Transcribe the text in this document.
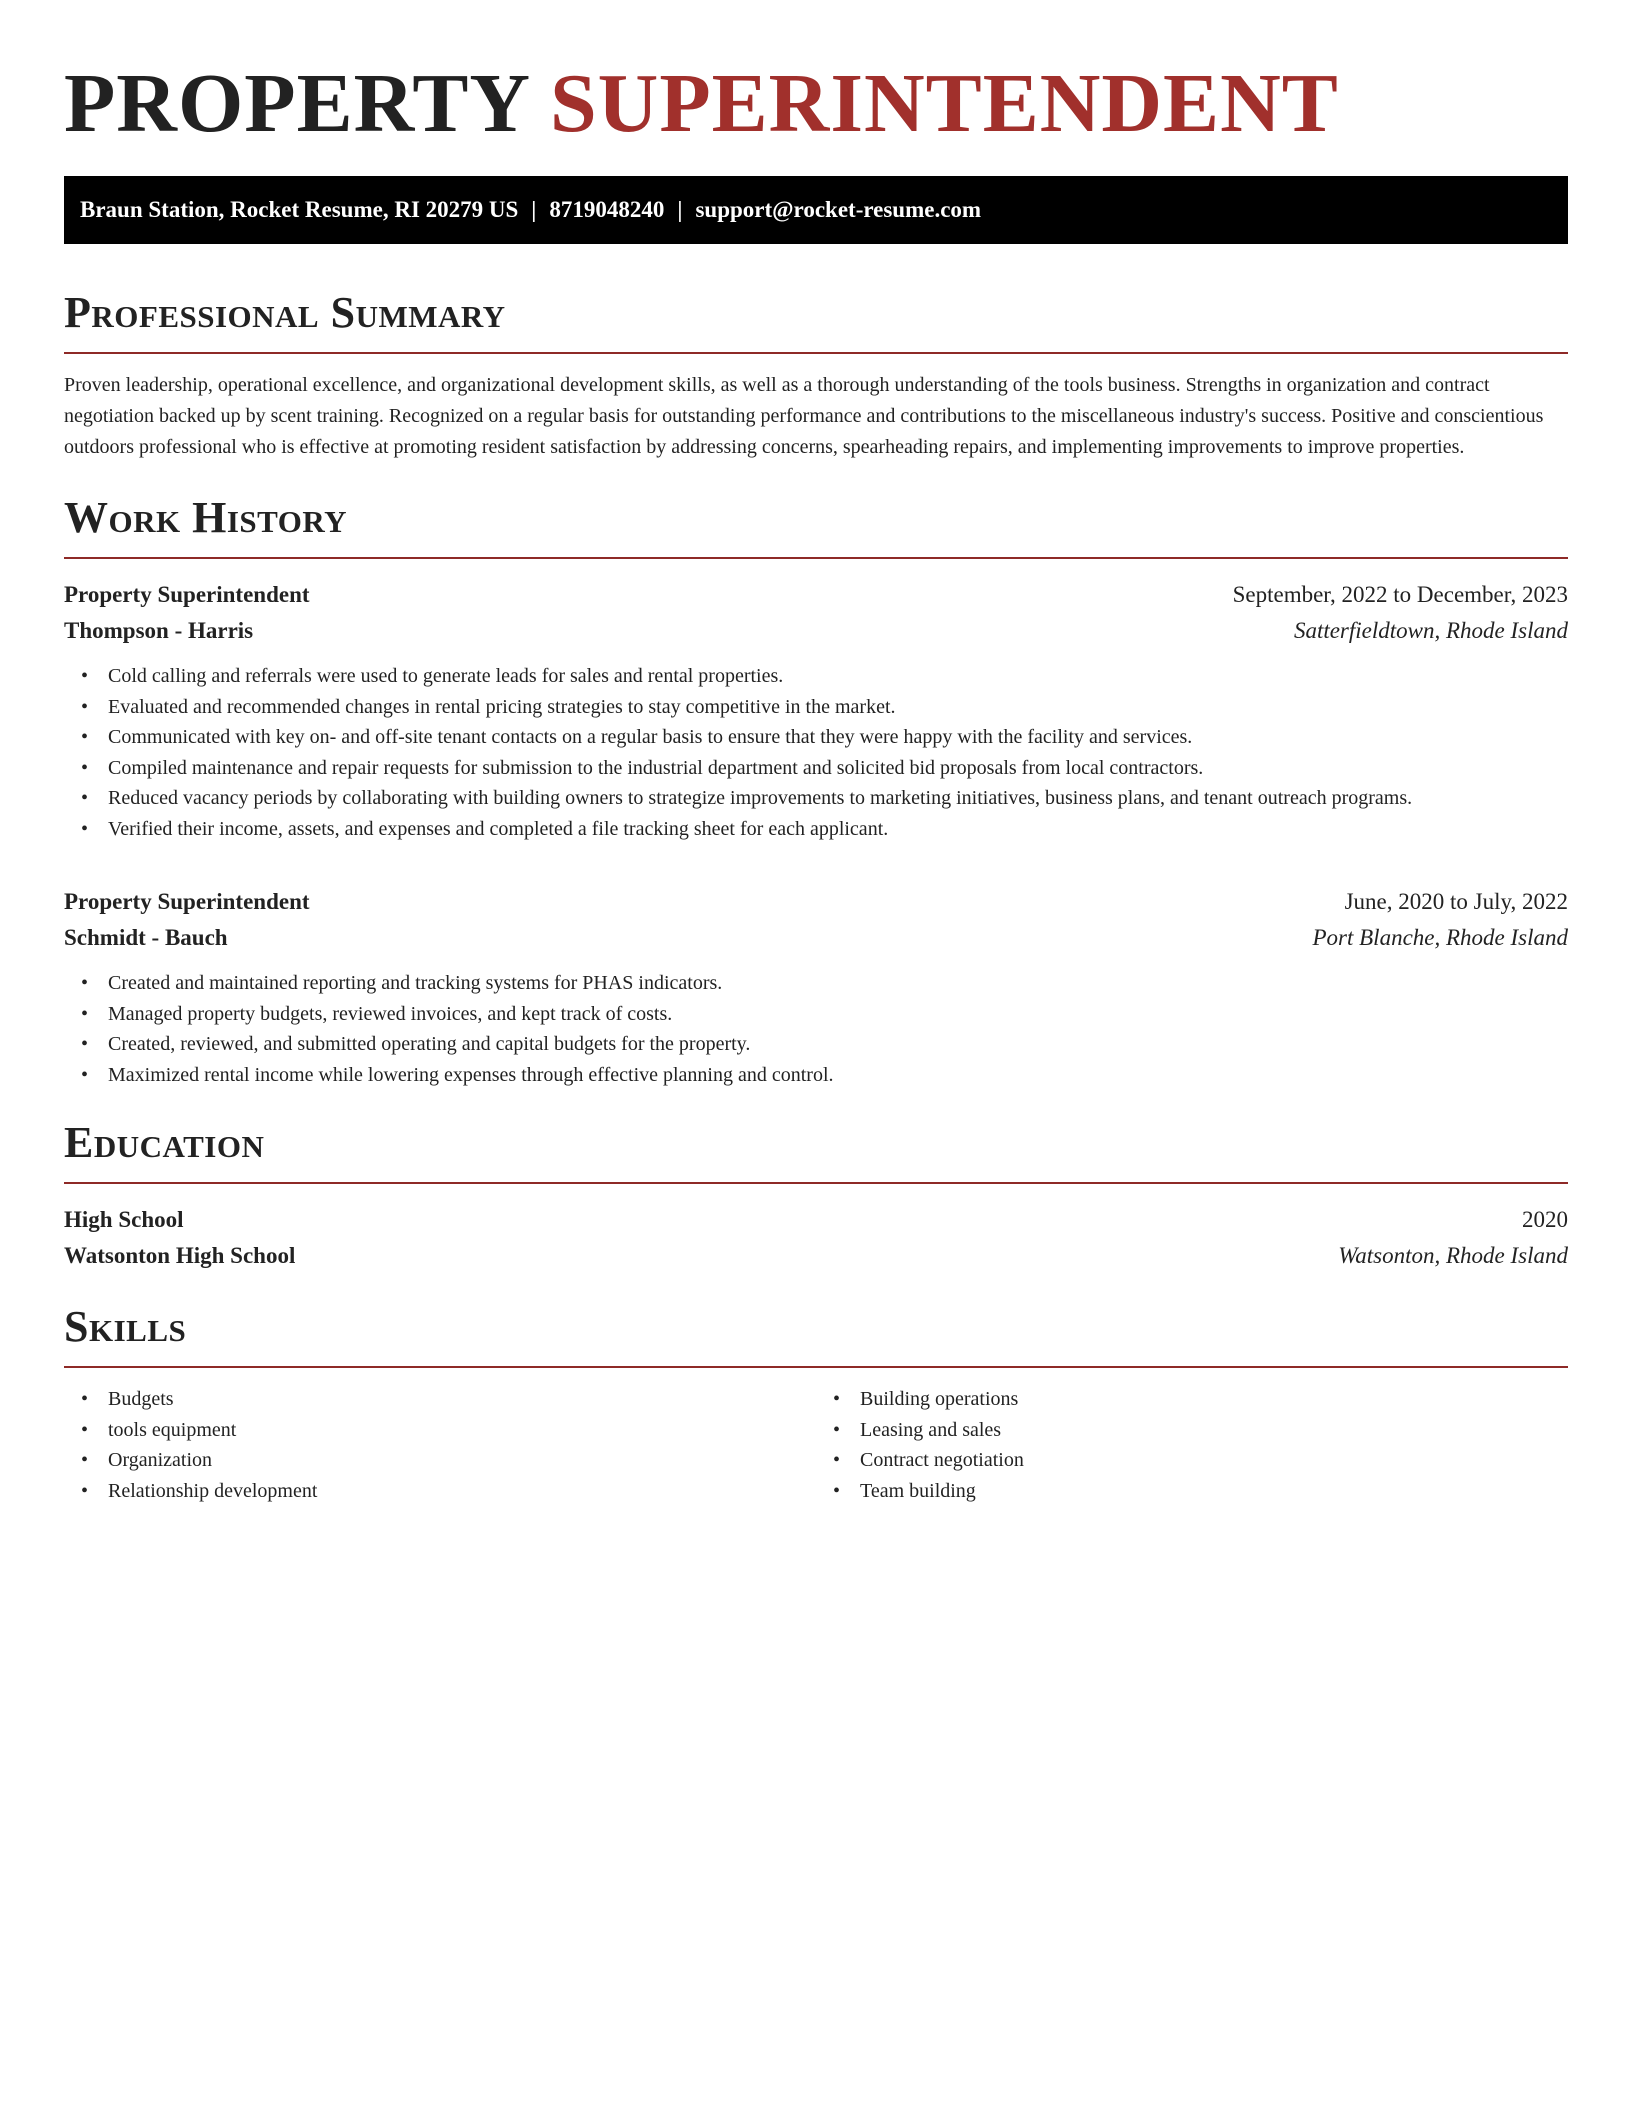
PROPERTY SUPERINTENDENT
Braun Station, Rocket Resume, RI 20279 US | 8719048240 | support@rocket-resume.com
Professional Summary

Proven leadership, operational excellence, and organizational development skills, as well as a thorough understanding of the tools business. Strengths in organization and contract negotiation backed up by scent training. Recognized on a regular basis for outstanding performance and contributions to the miscellaneous industry's success. Positive and conscientious outdoors professional who is effective at promoting resident satisfaction by addressing concerns, spearheading repairs, and implementing improvements to improve properties.

Work History
Property Superintendent	September, 2022 to December, 2023
Thompson - Harris	Satterfieldtown, Rhode Island
• Cold calling and referrals were used to generate leads for sales and rental properties.
• Evaluated and recommended changes in rental pricing strategies to stay competitive in the market.
• Communicated with key on- and off-site tenant contacts on a regular basis to ensure that they were happy with the facility and services.
• Compiled maintenance and repair requests for submission to the industrial department and solicited bid proposals from local contractors.
• Reduced vacancy periods by collaborating with building owners to strategize improvements to marketing initiatives, business plans, and tenant outreach programs.
• Verified their income, assets, and expenses and completed a file tracking sheet for each applicant.
Property Superintendent	June, 2020 to July, 2022
Schmidt - Bauch	Port Blanche, Rhode Island
• Created and maintained reporting and tracking systems for PHAS indicators.
• Managed property budgets, reviewed invoices, and kept track of costs.
• Created, reviewed, and submitted operating and capital budgets for the property.
• Maximized rental income while lowering expenses through effective planning and control.
Education
High School	2020
Watsonton High School	Watsonton, Rhode Island
Skills
• Budgets
• tools equipment
• Organization
• Relationship development
• Building operations
• Leasing and sales
• Contract negotiation
• Team building
